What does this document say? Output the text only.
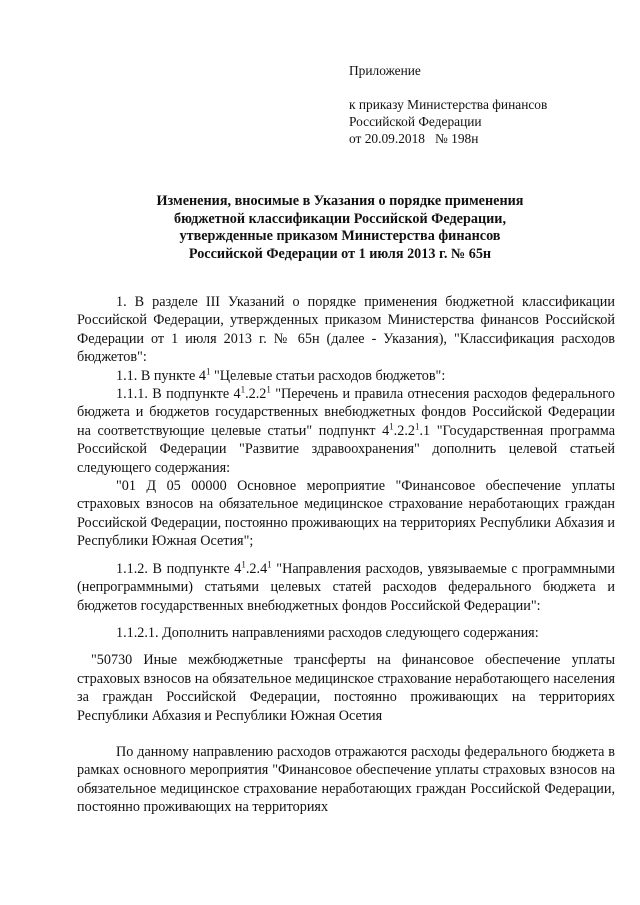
Приложение
к приказу Министерства финансов
Российской Федерации
от 20.09.2018   № 198н
Изменения, вносимые в Указания о порядке применения
бюджетной классификации Российской Федерации,
утвержденные приказом Министерства финансов
Российской Федерации от 1 июля 2013 г. № 65н

1. В разделе III Указаний о порядке применения бюджетной классификации Российской Федерации, утвержденных приказом Министерства финансов Российской Федерации от 1 июля 2013 г. № 65н (далее - Указания), "Классификация расходов бюджетов":

1.1. В пункте $4^1$ "Целевые статьи расходов бюджетов":

1.1.1. В подпункте $4^1.2.2^1$ "Перечень и правила отнесения расходов федерального бюджета и бюджетов государственных внебюджетных фондов Российской Федерации на соответствующие целевые статьи" подпункт $4^1.2.2^1.1$ "Государственная программа Российской Федерации "Развитие здравоохранения" дополнить целевой статьей следующего содержания:

"01 Д 05 00000 Основное мероприятие "Финансовое обеспечение уплаты страховых взносов на обязательное медицинское страхование неработающих граждан Российской Федерации, постоянно проживающих на территориях Республики Абхазия и Республики Южная Осетия";

1.1.2. В подпункте $4^1.2.4^1$ "Направления расходов, увязываемые с программными (непрограммными) статьями целевых статей расходов федерального бюджета и бюджетов государственных внебюджетных фондов Российской Федерации":

1.1.2.1. Дополнить направлениями расходов следующего содержания:

"50730 Иные межбюджетные трансферты на финансовое обеспечение уплаты страховых взносов на обязательное медицинское страхование неработающего населения за граждан Российской Федерации, постоянно проживающих на территориях Республики Абхазия и Республики Южная Осетия

По данному направлению расходов отражаются расходы федерального бюджета в рамках основного мероприятия "Финансовое обеспечение уплаты страховых взносов на обязательное медицинское страхование неработающих граждан Российской Федерации, постоянно проживающих на территориях
